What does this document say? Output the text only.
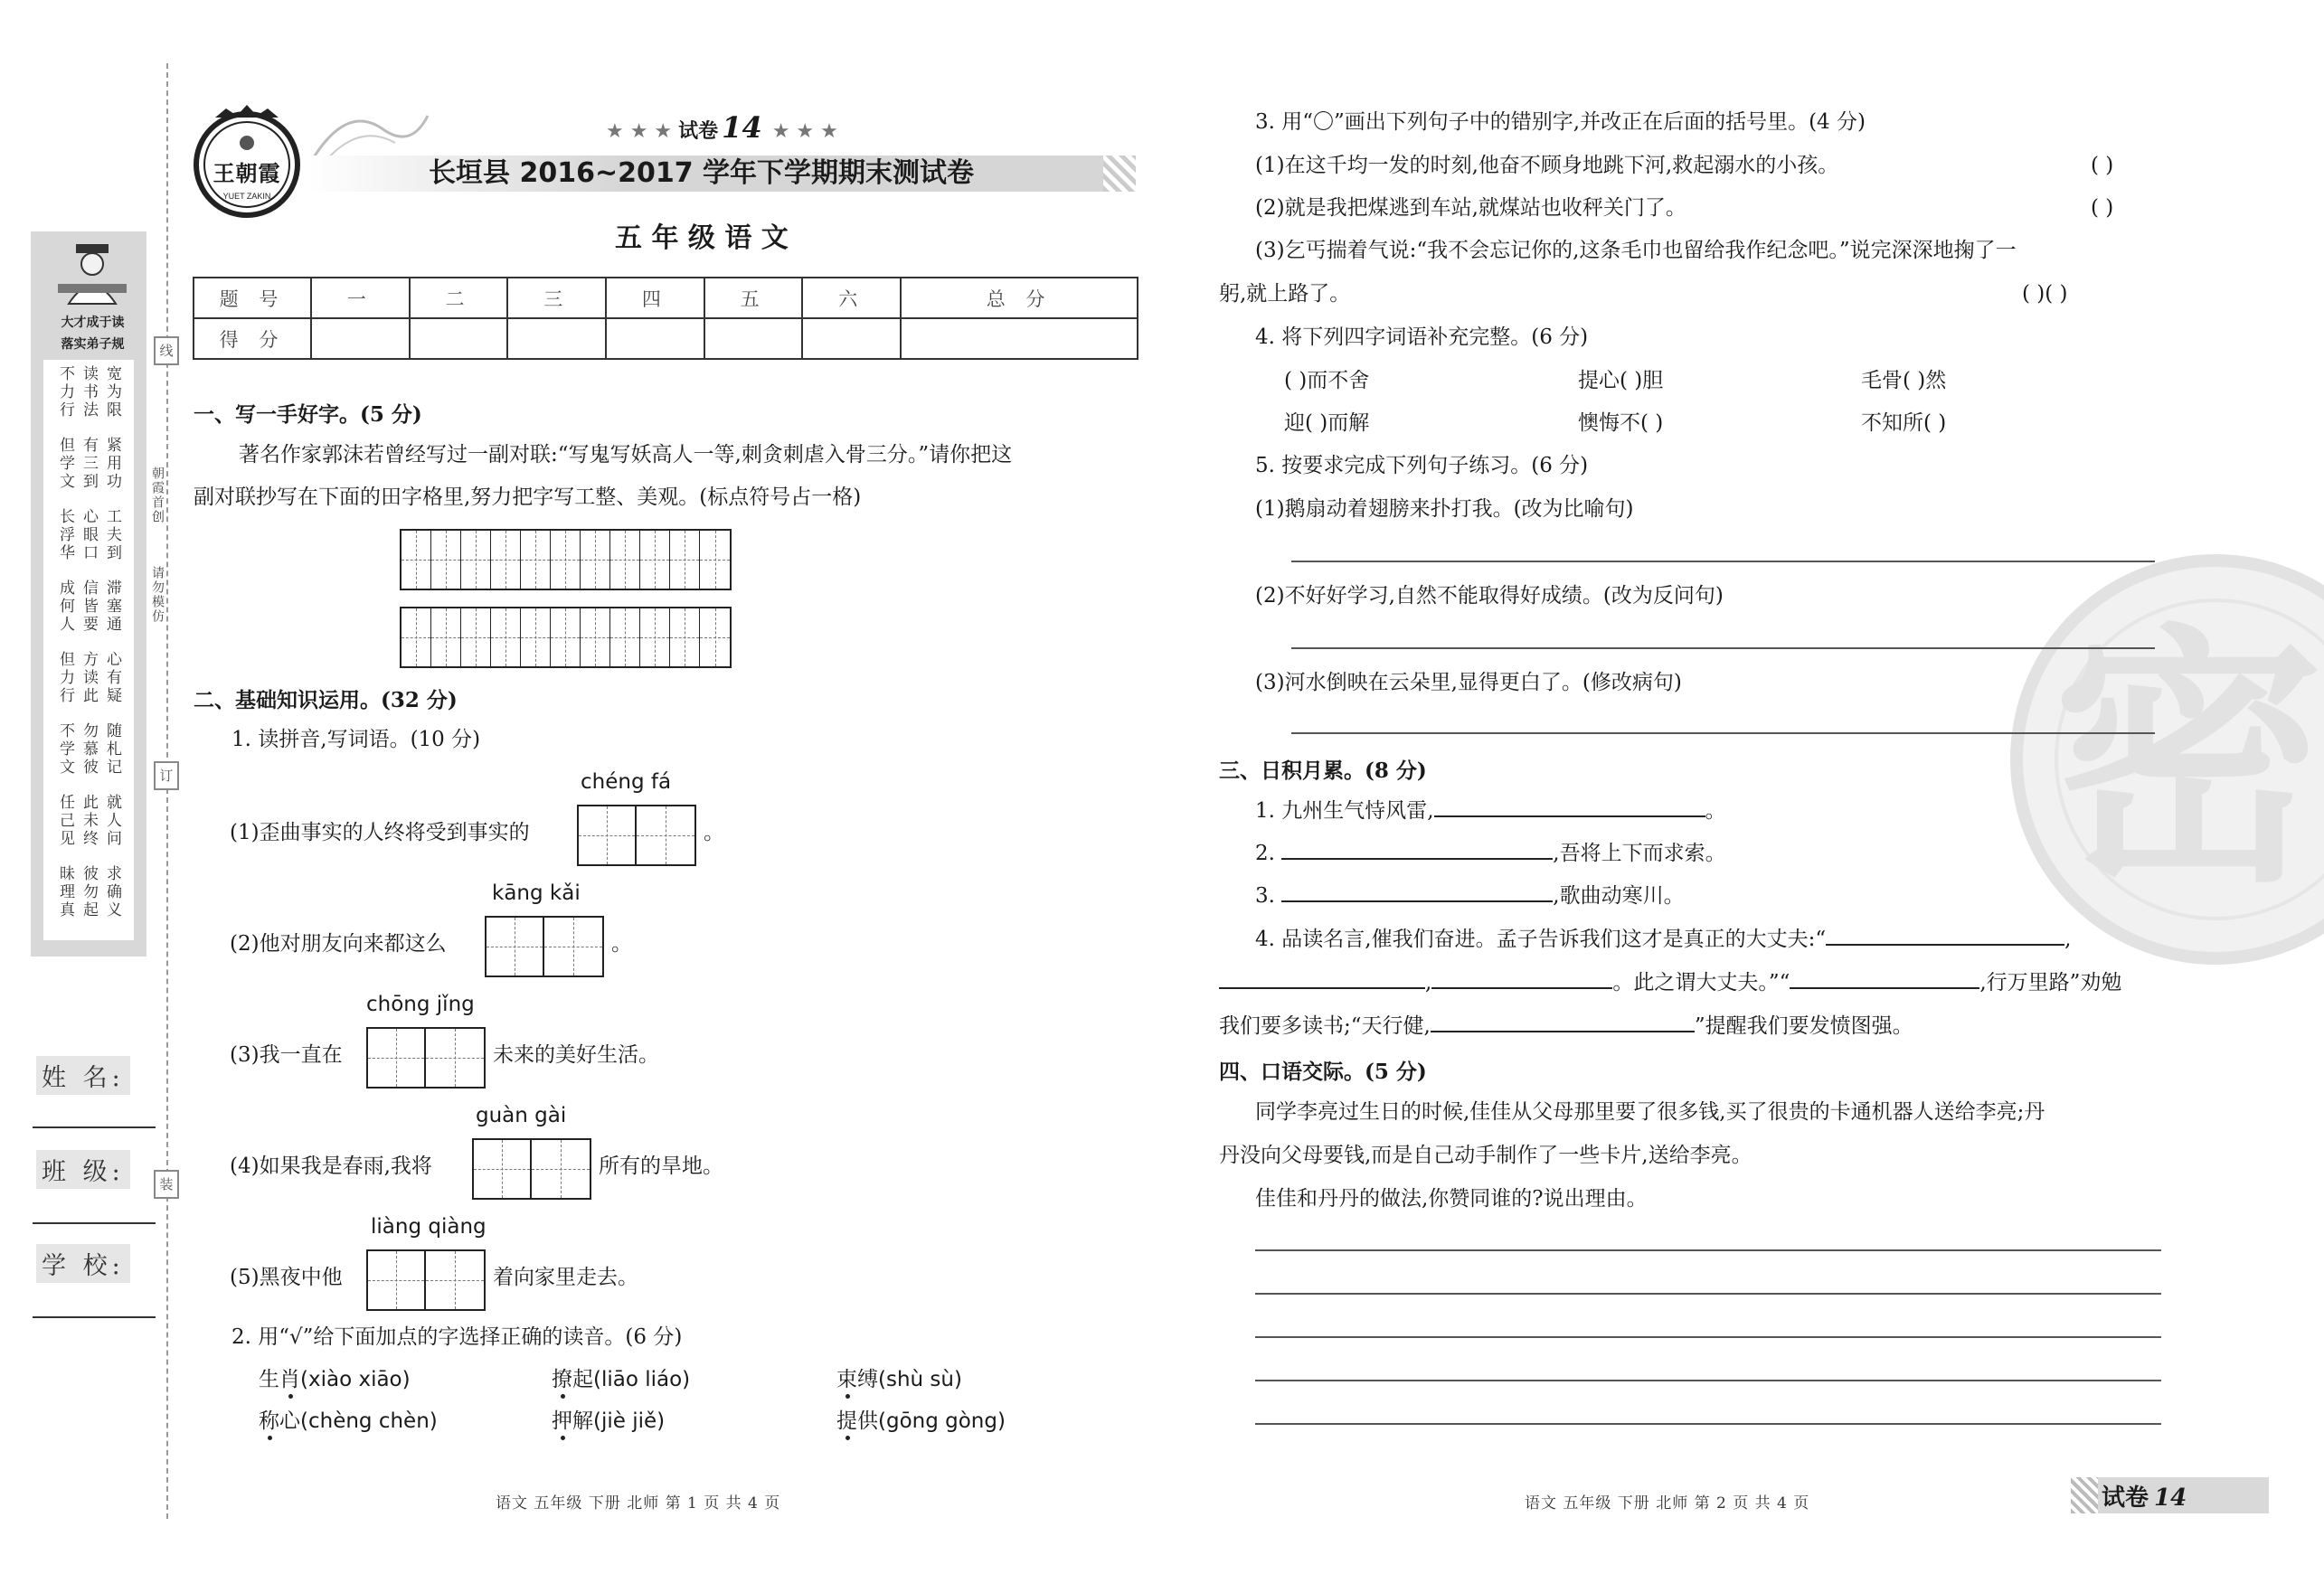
线
订
装
朝霞首创
请勿模仿
大才成于读
落实弟子规
宽为限
读书法
不力行
紧用功
有三到
但学文
工夫到
心眼口
长浮华
滞塞通
信皆要
成何人
心有疑
方读此
但力行
随札记
勿慕彼
不学文
就人问
此未终
任己见
求确义
彼勿起
昧理真
姓 名:
班 级:
学 校:
YUET ZAKIN
王朝霞
★ ★ ★ 试卷 14 ★ ★ ★
长垣县 2016~2017 学年下学期期末测试卷
五 年 级 语 文
题 号	一	二	三	四	五	六	总 分
得 分							
一、写一手好字。(5 分)
著名作家郭沫若曾经写过一副对联:“写鬼写妖高人一等,刺贪刺虐入骨三分。”请你把这
副对联抄写在下面的田字格里,努力把字写工整、美观。(标点符号占一格)
二、基础知识运用。(32 分)
1. 读拼音,写词语。(10 分)
chéng fá
(1)歪曲事实的人终将受到事实的	。
kāng kǎi
(2)他对朋友向来都这么	。
chōng jǐng
(3)我一直在	未来的美好生活。
guàn gài
(4)如果我是春雨,我将	所有的旱地。
liàng qiàng
(5)黑夜中他	着向家里走去。
2. 用“√”给下面加点的字选择正确的读音。(6 分)
生肖(xiào xiāo)	撩起(liāo liáo)	束缚(shù sù)
称心(chèng chèn)	押解(jiè jiě)	提供(gōng gòng)
密
3. 用“〇”画出下列句子中的错别字,并改正在后面的括号里。(4 分)
(1)在这千均一发的时刻,他奋不顾身地跳下河,救起溺水的小孩。	( )
(2)就是我把煤逃到车站,就煤站也收秤关门了。	( )
(3)乞丐揣着气说:“我不会忘记你的,这条毛巾也留给我作纪念吧。”说完深深地掬了一
躬,就上路了。	( )( )
4. 将下列四字词语补充完整。(6 分)
( )而不舍	提心( )胆	毛骨( )然
迎( )而解	懊悔不( )	不知所( )
5. 按要求完成下列句子练习。(6 分)
(1)鹅扇动着翅膀来扑打我。(改为比喻句)
(2)不好好学习,自然不能取得好成绩。(改为反问句)
(3)河水倒映在云朵里,显得更白了。(修改病句)
三、日积月累。(8 分)
1. 九州生气恃风雷,	。
2.	,吾将上下而求索。
3.	,歌曲动寒川。
4. 品读名言,催我们奋进。孟子告诉我们这才是真正的大丈夫:“	,
,	。此之谓大丈夫。”“	,行万里路”劝勉
我们要多读书;“天行健,	”提醒我们要发愤图强。
四、口语交际。(5 分)
同学李亮过生日的时候,佳佳从父母那里要了很多钱,买了很贵的卡通机器人送给李亮;丹
丹没向父母要钱,而是自己动手制作了一些卡片,送给李亮。
佳佳和丹丹的做法,你赞同谁的?说出理由。
语文 五年级 下册 北师 第 1 页 共 4 页	语文 五年级 下册 北师 第 2 页 共 4 页	试卷 14
